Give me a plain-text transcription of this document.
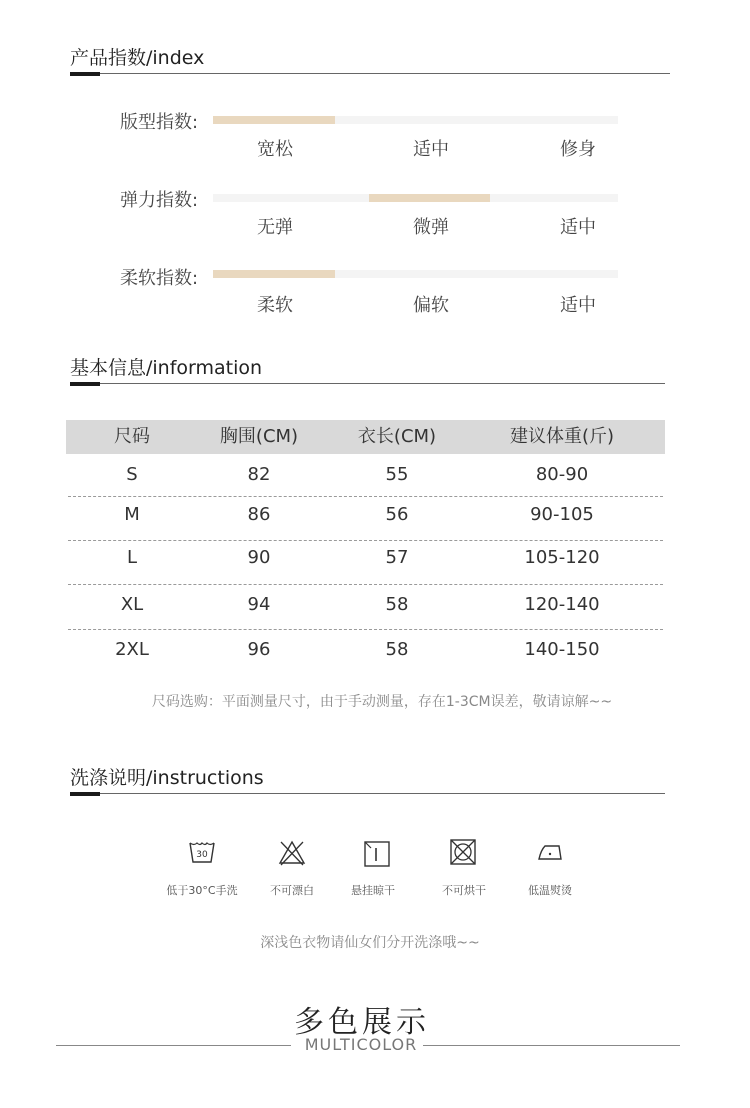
产品指数/index
版型指数:
宽松	适中	修身
弹力指数:
无弹	微弹	适中
柔软指数:
柔软	偏软	适中
基本信息/information
尺码	胸围(CM)	衣长(CM)	建议体重(斤)
S	82	55	80-90
M	86	56	90-105
L	90	57	105-120
XL	94	58	120-140
2XL	96	58	140-150
尺码选购：平面测量尺寸，由于手动测量，存在1-3CM误差，敬请谅解~~
洗涤说明/instructions
30
低于30°C手洗	不可漂白	悬挂晾干	不可烘干	低温熨烫
深浅色衣物请仙女们分开洗涤哦~~
多色展示
MULTICOLOR
